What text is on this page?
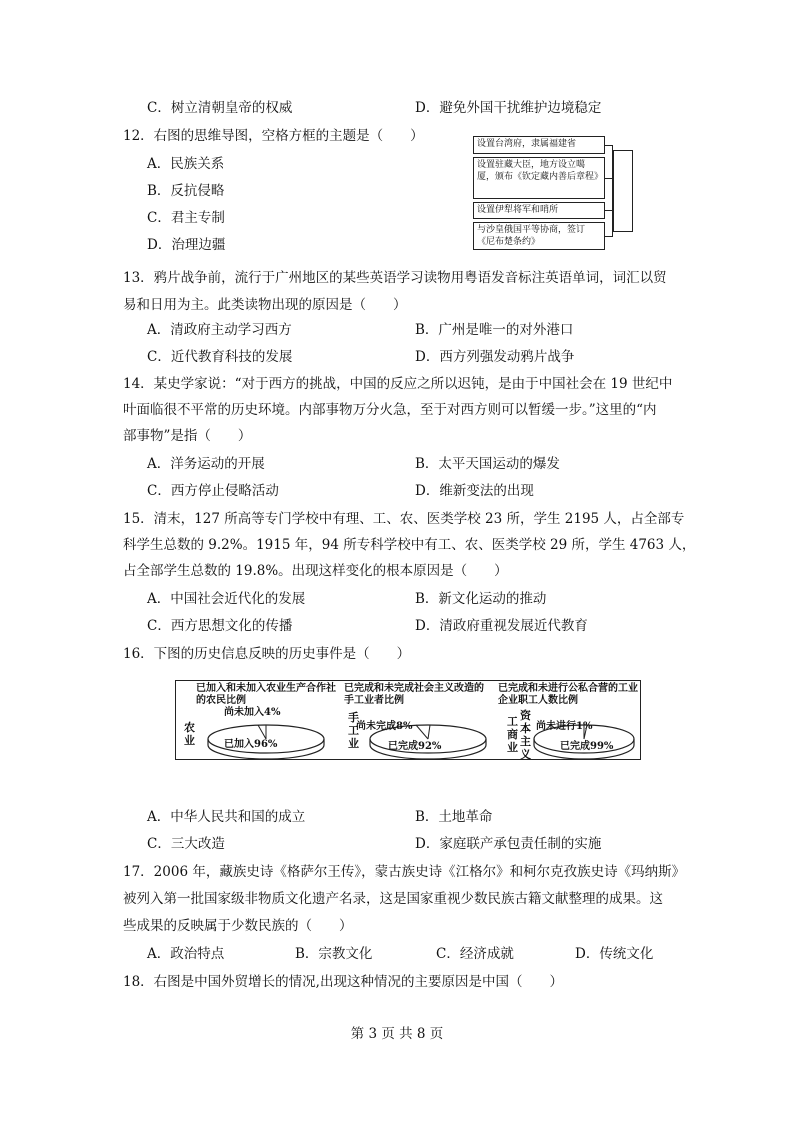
C．树立清朝皇帝的权威	D．避免外国干扰维护边境稳定
12．右图的思维导图，空格方框的主题是（　　）
A．民族关系
B．反抗侵略
C．君主专制
D．治理边疆
设置台湾府，隶属福建省
设置驻藏大臣，地方设立噶厦，颁布《钦定藏内善后章程》
设置伊犁将军和哨所
与沙皇俄国平等协商，签订《尼布楚条约》
13．鸦片战争前，流行于广州地区的某些英语学习读物用粤语发音标注英语单词，词汇以贸
易和日用为主。此类读物出现的原因是（　　）
A．清政府主动学习西方	B．广州是唯一的对外港口
C．近代教育科技的发展	D．西方列强发动鸦片战争
14．某史学家说：“对于西方的挑战，中国的反应之所以迟钝，是由于中国社会在 19 世纪中
叶面临很不平常的历史环境。内部事物万分火急，至于对西方则可以暂缓一步。”这里的“内
部事物”是指（　　）
A．洋务运动的开展	B．太平天国运动的爆发
C．西方停止侵略活动	D．维新变法的出现
15．清末，127 所高等专门学校中有理、工、农、医类学校 23 所，学生 2195 人，占全部专
科学生总数的 9.2%。1915 年，94 所专科学校中有工、农、医类学校 29 所，学生 4763 人，
占全部学生总数的 19.8%。出现这样变化的根本原因是（　　）
A．中国社会近代化的发展	B．新文化运动的推动
C．西方思想文化的传播	D．清政府重视发展近代教育
16．下图的历史信息反映的历史事件是（　　）
已加入和未加入农业生产合作社的农民比例
农业
尚未加入4%
已加入96%
已完成和未完成社会主义改造的手工业者比例
手工业
尚未完成8%
已完成92%
已完成和未进行公私合营的工业企业职工人数比例
资本主义
工商业
尚未进行1%
已完成99%
A．中华人民共和国的成立	B．土地革命
C．三大改造	D．家庭联产承包责任制的实施
17．2006 年，藏族史诗《格萨尔王传》，蒙古族史诗《江格尔》和柯尔克孜族史诗《玛纳斯》
被列入第一批国家级非物质文化遗产名录，这是国家重视少数民族古籍文献整理的成果。这
些成果的反映属于少数民族的（　　）
A．政治特点	B．宗教文化	C．经济成就	D．传统文化
18．右图是中国外贸增长的情况,出现这种情况的主要原因是中国（　　）
第 3 页 共 8 页
